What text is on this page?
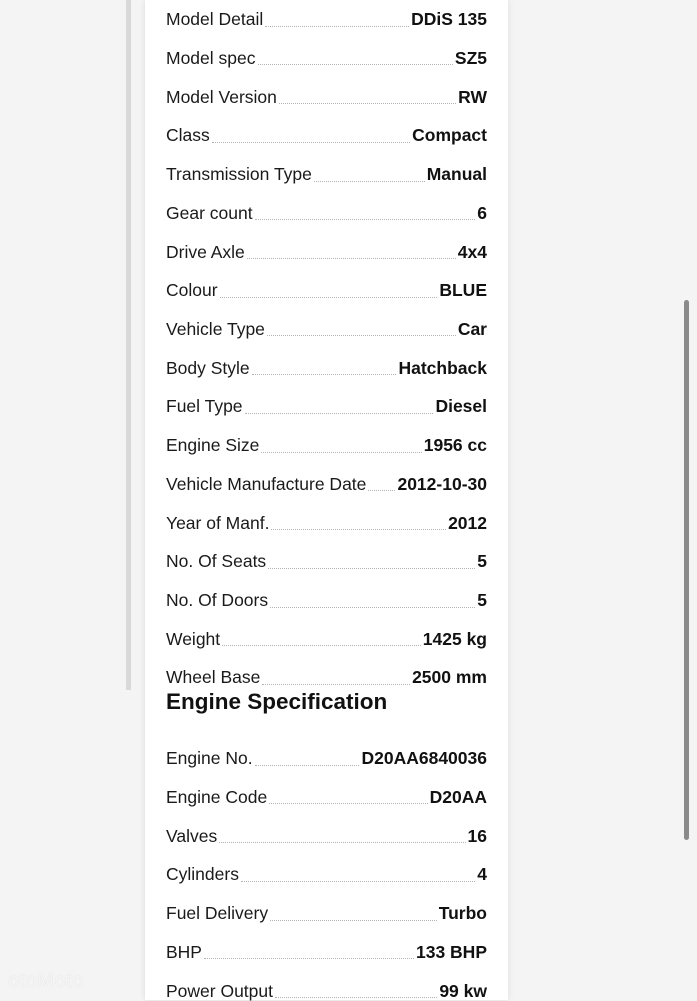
Model Detail	DDiS 135
Model spec	SZ5
Model Version	RW
Class	Compact
Transmission Type	Manual
Gear count	6
Drive Axle	4x4
Colour	BLUE
Vehicle Type	Car
Body Style	Hatchback
Fuel Type	Diesel
Engine Size	1956 cc
Vehicle Manufacture Date 2012-10-30
Year of Manf.	2012
No. Of Seats	5
No. Of Doors	5
Weight	1425 kg
Wheel Base	2500 mm
Engine Specification
Engine No.	D20AA6840036
Engine Code	D20AA
Valves	16
Cylinders	4
Fuel Delivery	Turbo
BHP	133 BHP
Power Output	99 kw
otoMoto
